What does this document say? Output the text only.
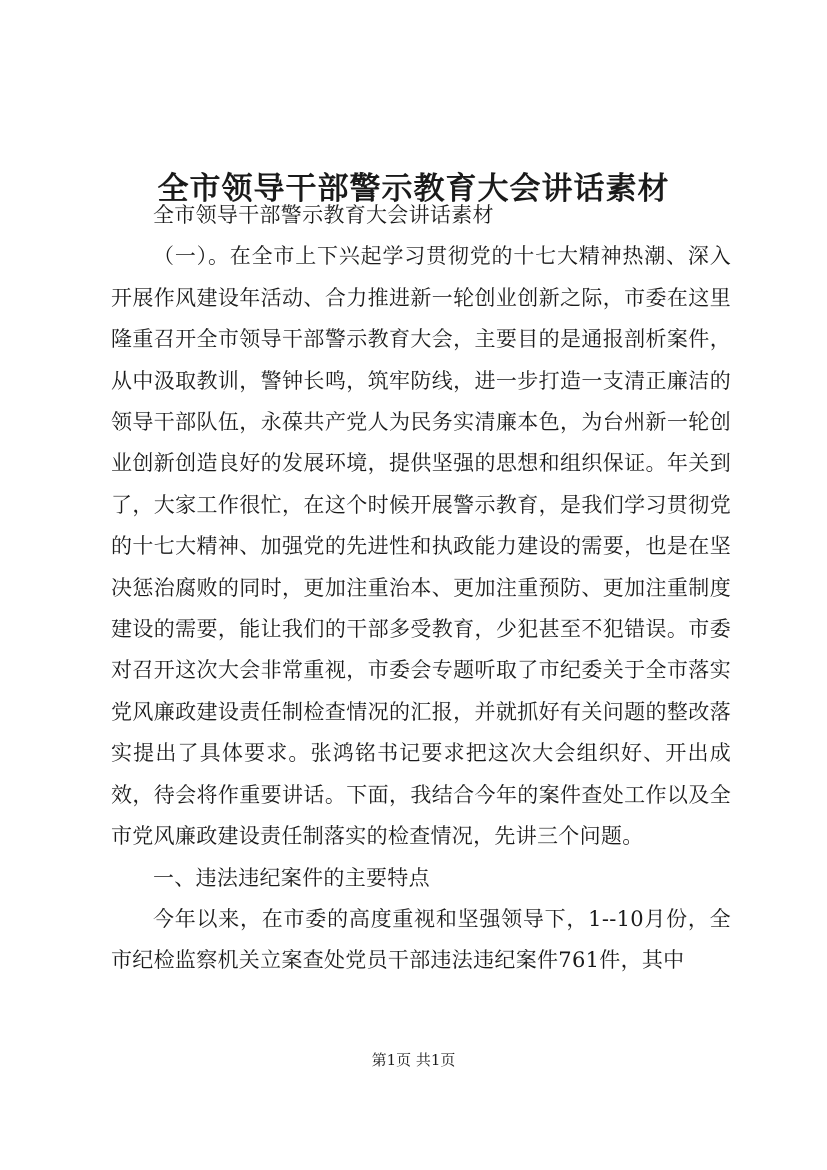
全市领导干部警示教育大会讲话素材

全市领导干部警示教育大会讲话素材

（一）。在全市上下兴起学习贯彻党的十七大精神热潮、深入开展作风建设年活动、合力推进新一轮创业创新之际，市委在这里隆重召开全市领导干部警示教育大会，主要目的是通报剖析案件，从中汲取教训，警钟长鸣，筑牢防线，进一步打造一支清正廉洁的领导干部队伍，永葆共产党人为民务实清廉本色，为台州新一轮创业创新创造良好的发展环境，提供坚强的思想和组织保证。年关到了，大家工作很忙，在这个时候开展警示教育，是我们学习贯彻党的十七大精神、加强党的先进性和执政能力建设的需要，也是在坚决惩治腐败的同时，更加注重治本、更加注重预防、更加注重制度建设的需要，能让我们的干部多受教育，少犯甚至不犯错误。市委对召开这次大会非常重视，市委会专题听取了市纪委关于全市落实党风廉政建设责任制检查情况的汇报，并就抓好有关问题的整改落实提出了具体要求。张鸿铭书记要求把这次大会组织好、开出成效，待会将作重要讲话。下面，我结合今年的案件查处工作以及全市党风廉政建设责任制落实的检查情况，先讲三个问题。

一、违法违纪案件的主要特点

今年以来，在市委的高度重视和坚强领导下，1--10月份，全市纪检监察机关立案查处党员干部违法违纪案件761件，其中

第1页 共1页
